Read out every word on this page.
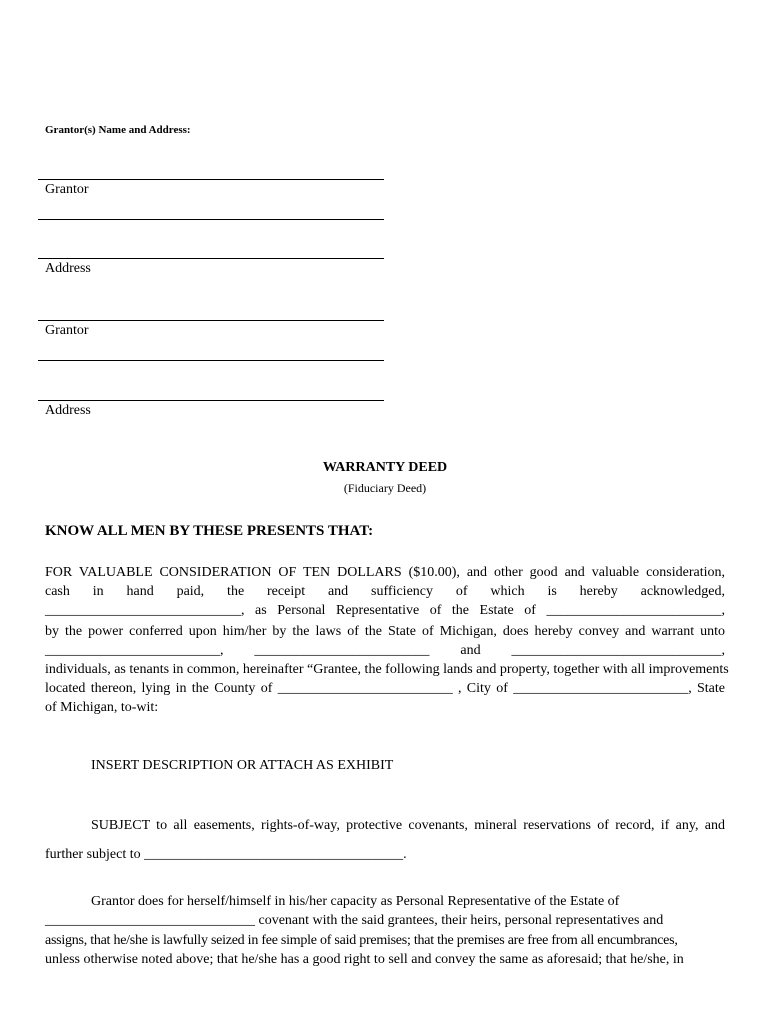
Grantor(s) Name and Address:
Grantor
Address
Grantor
Address
WARRANTY DEED
(Fiduciary Deed)
KNOW ALL MEN BY THESE PRESENTS THAT:
FOR VALUABLE CONSIDERATION OF TEN DOLLARS ($10.00), and other good and valuable consideration,
cash in hand paid, the receipt and sufficiency of which is hereby acknowledged,
____________________________, as Personal Representative of the Estate of _________________________,
by the power conferred upon him/her by the laws of the State of Michigan, does hereby convey and warrant unto
_________________________, _________________________ and ______________________________,
individuals, as tenants in common, hereinafter “Grantee, the following lands and property, together with all improvements
located thereon, lying in the County of _________________________ , City of _________________________, State
of Michigan, to-wit:
INSERT DESCRIPTION OR ATTACH AS EXHIBIT
SUBJECT to all easements, rights-of-way, protective covenants, mineral reservations of record, if any, and
further subject to _____________________________________.
Grantor does for herself/himself in his/her capacity as Personal Representative of the Estate of
______________________________ covenant with the said grantees, their heirs, personal representatives and
assigns, that he/she is lawfully seized in fee simple of said premises; that the premises are free from all encumbrances,
unless otherwise noted above; that he/she has a good right to sell and convey the same as aforesaid; that he/she, in
